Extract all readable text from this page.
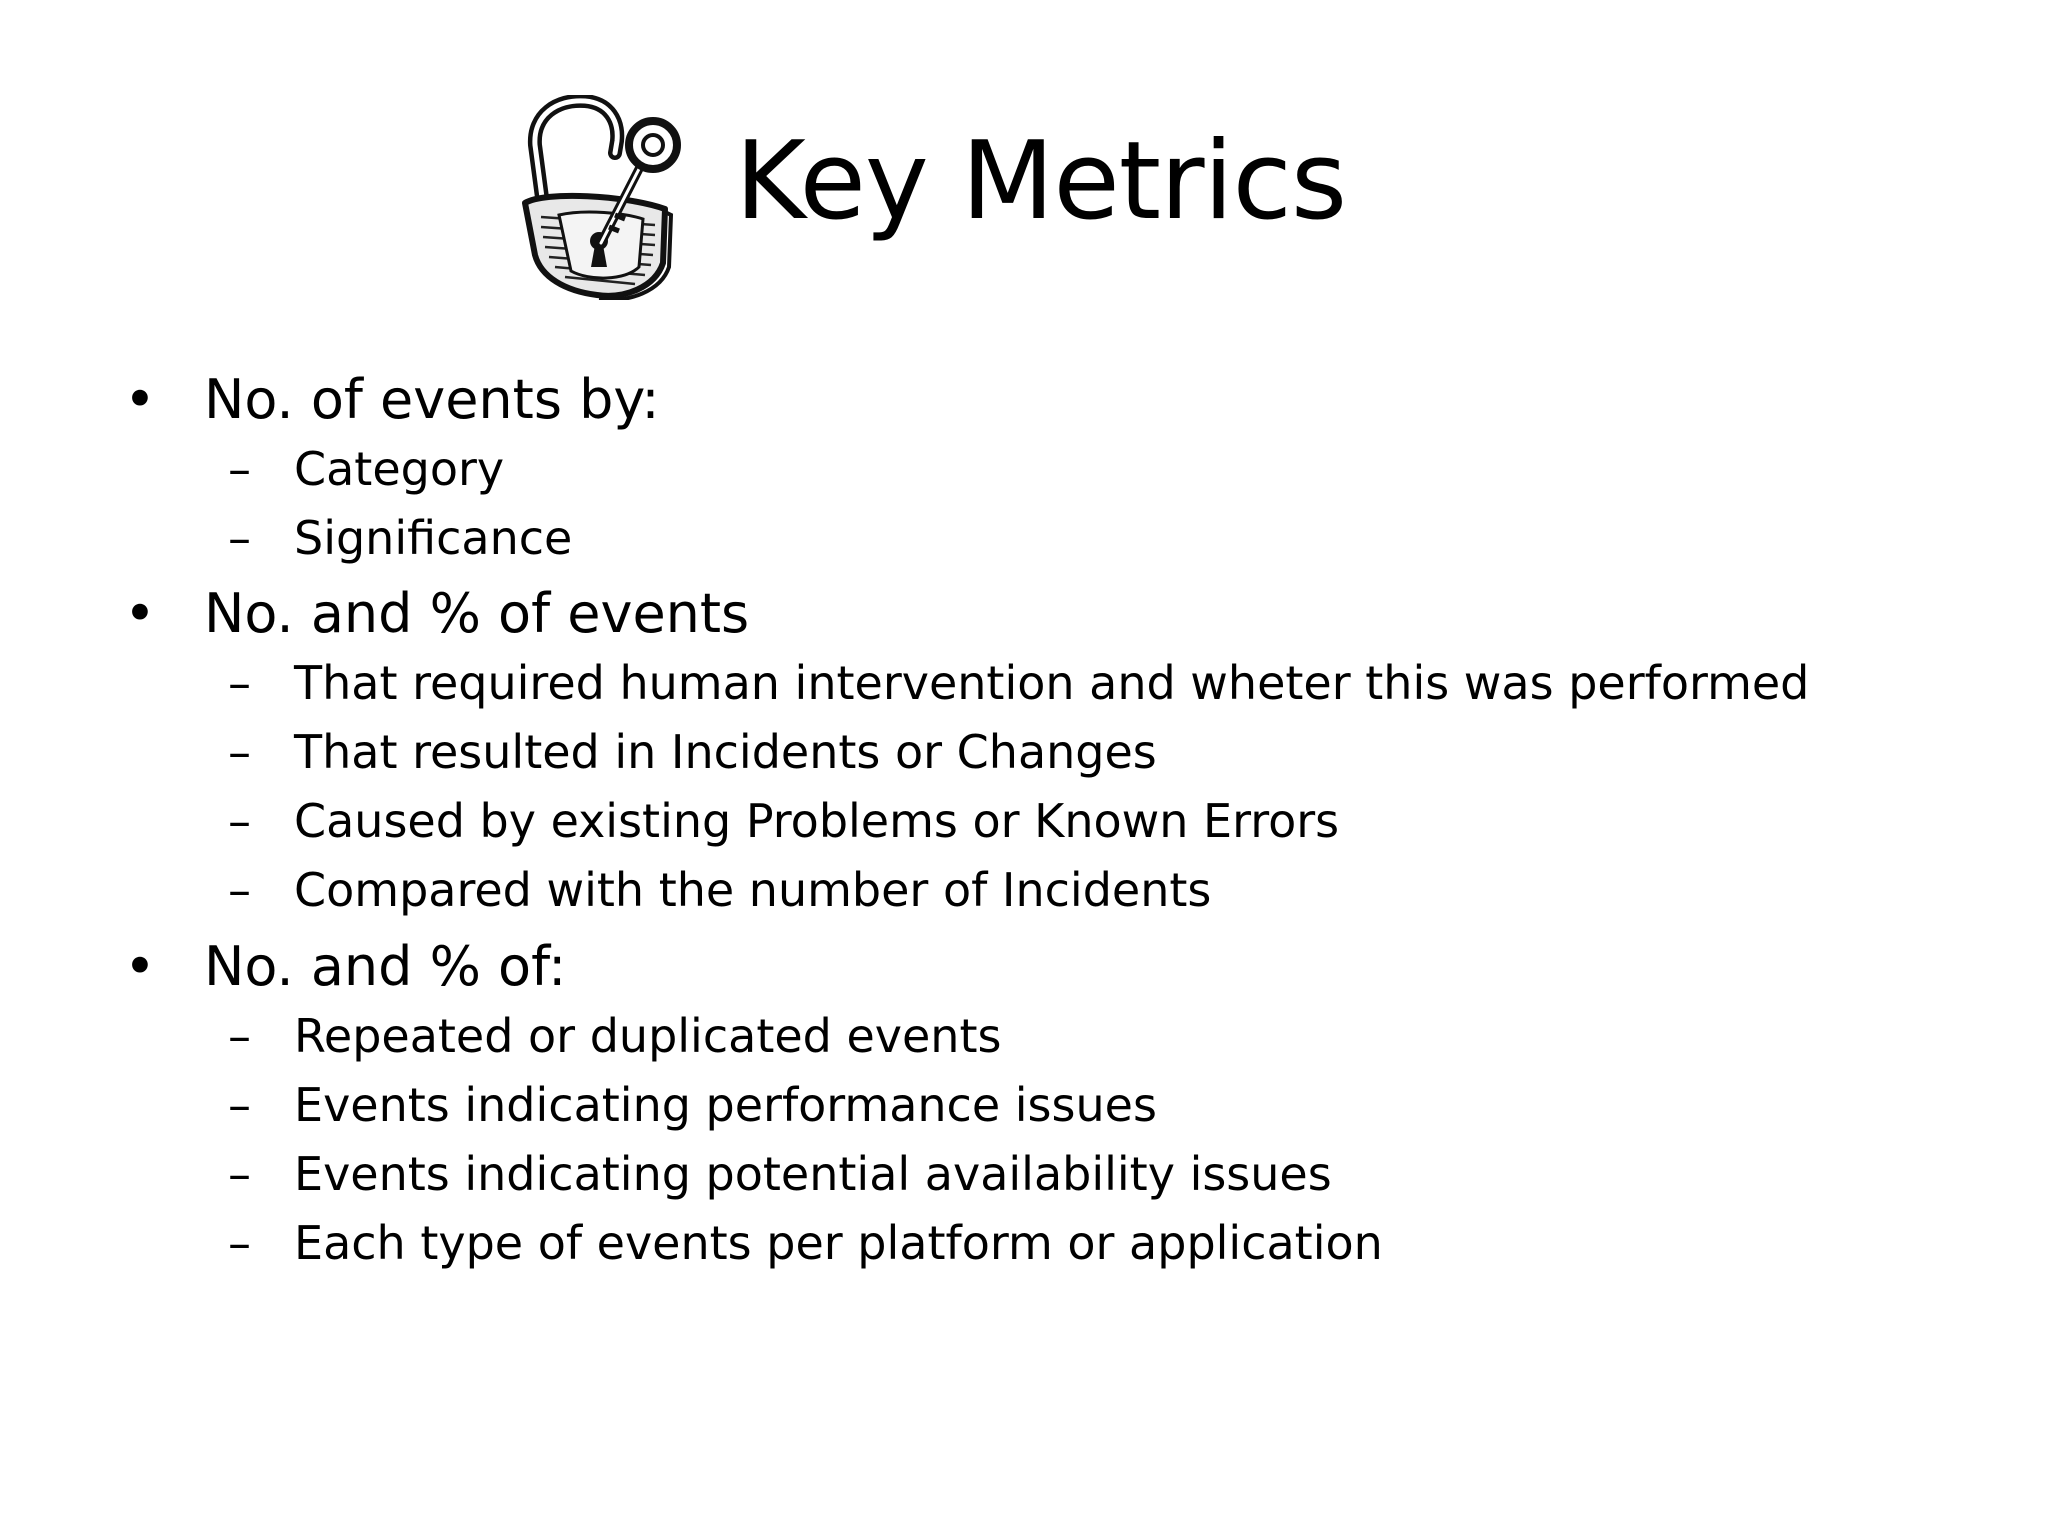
Key Metrics
• No. of events by:
– Category
– Significance
• No. and % of events
– That required human intervention and wheter this was performed
– That resulted in Incidents or Changes
– Caused by existing Problems or Known Errors
– Compared with the number of Incidents
• No. and % of:
– Repeated or duplicated events
– Events indicating performance issues
– Events indicating potential availability issues
– Each type of events per platform or application
